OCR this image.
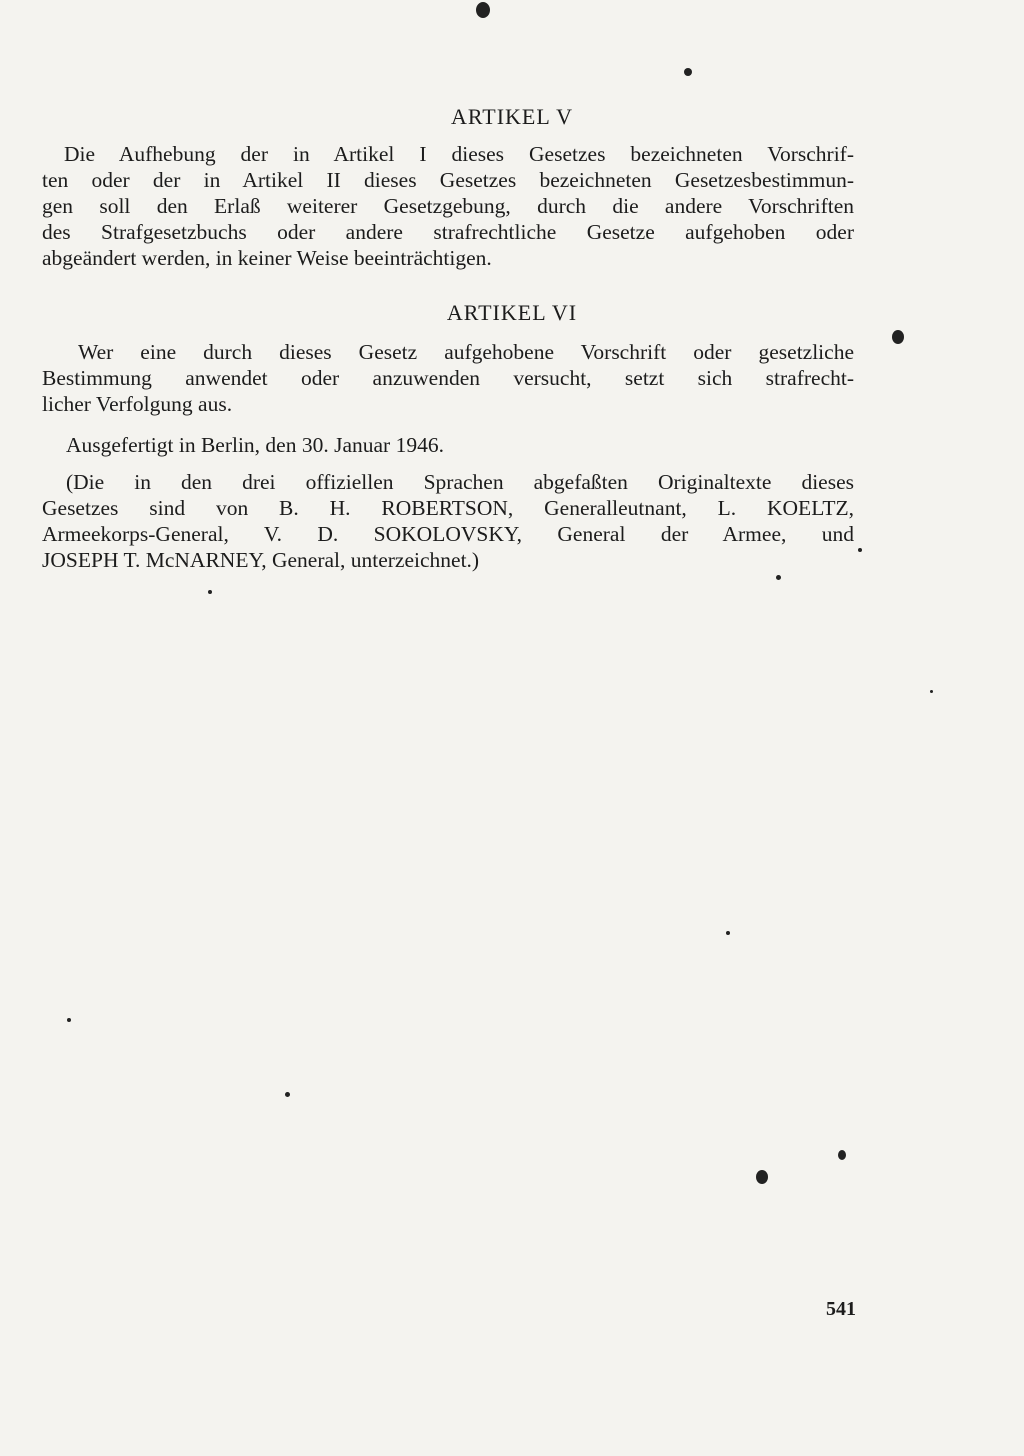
ARTIKEL V
Die Aufhebung der in Artikel I dieses Gesetzes bezeichneten Vorschrif-
ten oder der in Artikel II dieses Gesetzes bezeichneten Gesetzesbestimmun-
gen soll den Erlaß weiterer Gesetzgebung, durch die andere Vorschriften
des Strafgesetzbuchs oder andere strafrechtliche Gesetze aufgehoben oder
abgeändert werden, in keiner Weise beeinträchtigen.
ARTIKEL VI
Wer eine durch dieses Gesetz aufgehobene Vorschrift oder gesetzliche
Bestimmung anwendet oder anzuwenden versucht, setzt sich strafrecht-
licher Verfolgung aus.
Ausgefertigt in Berlin, den 30. Januar 1946.
(Die in den drei offiziellen Sprachen abgefaßten Originaltexte dieses
Gesetzes sind von B. H. ROBERTSON, Generalleutnant, L. KOELTZ,
Armeekorps-General, V. D. SOKOLOVSKY, General der Armee, und
JOSEPH T. McNARNEY, General, unterzeichnet.)
541
